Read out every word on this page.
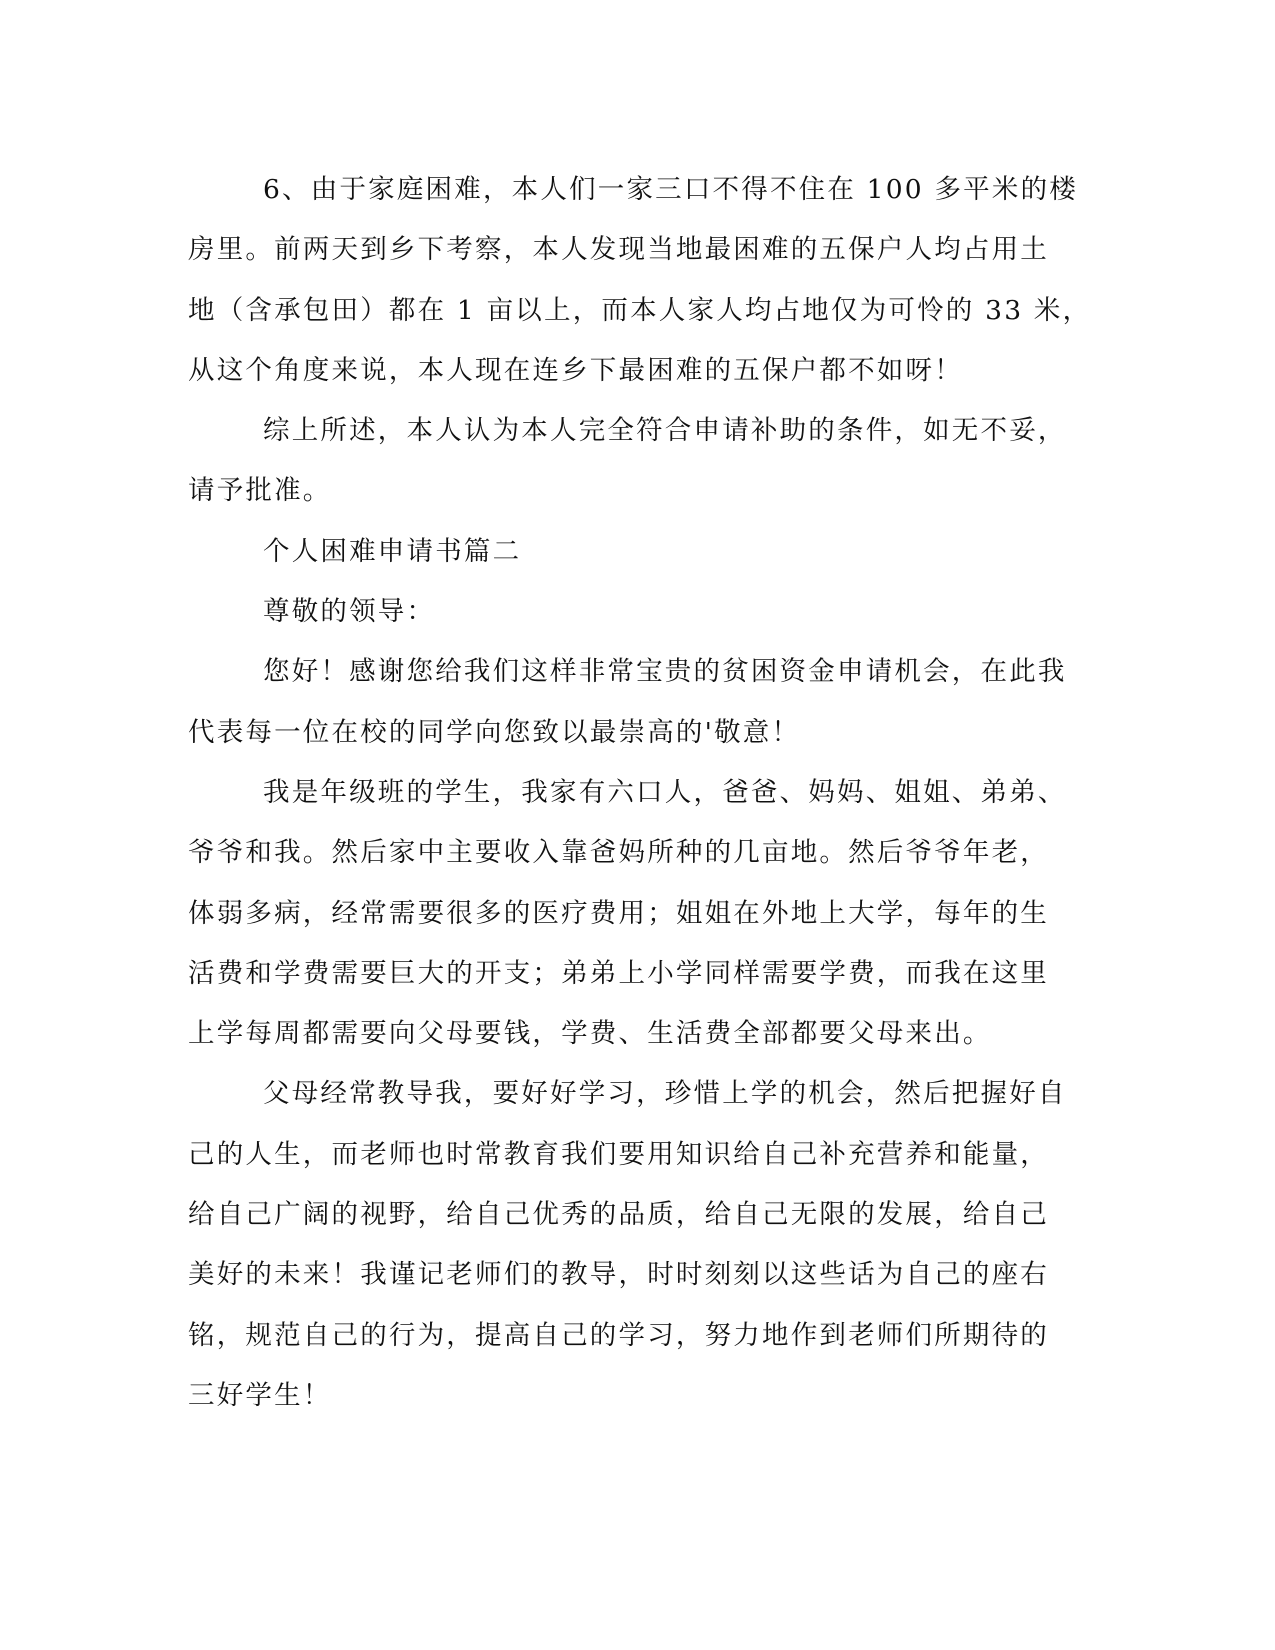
6、由于家庭困难，本人们一家三口不得不住在 100 多平米的楼
房里。前两天到乡下考察，本人发现当地最困难的五保户人均占用土
地（含承包田）都在 1 亩以上，而本人家人均占地仅为可怜的 33 米，
从这个角度来说，本人现在连乡下最困难的五保户都不如呀！
综上所述，本人认为本人完全符合申请补助的条件，如无不妥，
请予批准。
个人困难申请书篇二
尊敬的领导：
您好！感谢您给我们这样非常宝贵的贫困资金申请机会，在此我
代表每一位在校的同学向您致以最崇高的'敬意！
我是年级班的学生，我家有六口人，爸爸、妈妈、姐姐、弟弟、
爷爷和我。然后家中主要收入靠爸妈所种的几亩地。然后爷爷年老，
体弱多病，经常需要很多的医疗费用；姐姐在外地上大学，每年的生
活费和学费需要巨大的开支；弟弟上小学同样需要学费，而我在这里
上学每周都需要向父母要钱，学费、生活费全部都要父母来出。
父母经常教导我，要好好学习，珍惜上学的机会，然后把握好自
己的人生，而老师也时常教育我们要用知识给自己补充营养和能量，
给自己广阔的视野，给自己优秀的品质，给自己无限的发展，给自己
美好的未来！我谨记老师们的教导，时时刻刻以这些话为自己的座右
铭，规范自己的行为，提高自己的学习，努力地作到老师们所期待的
三好学生！
